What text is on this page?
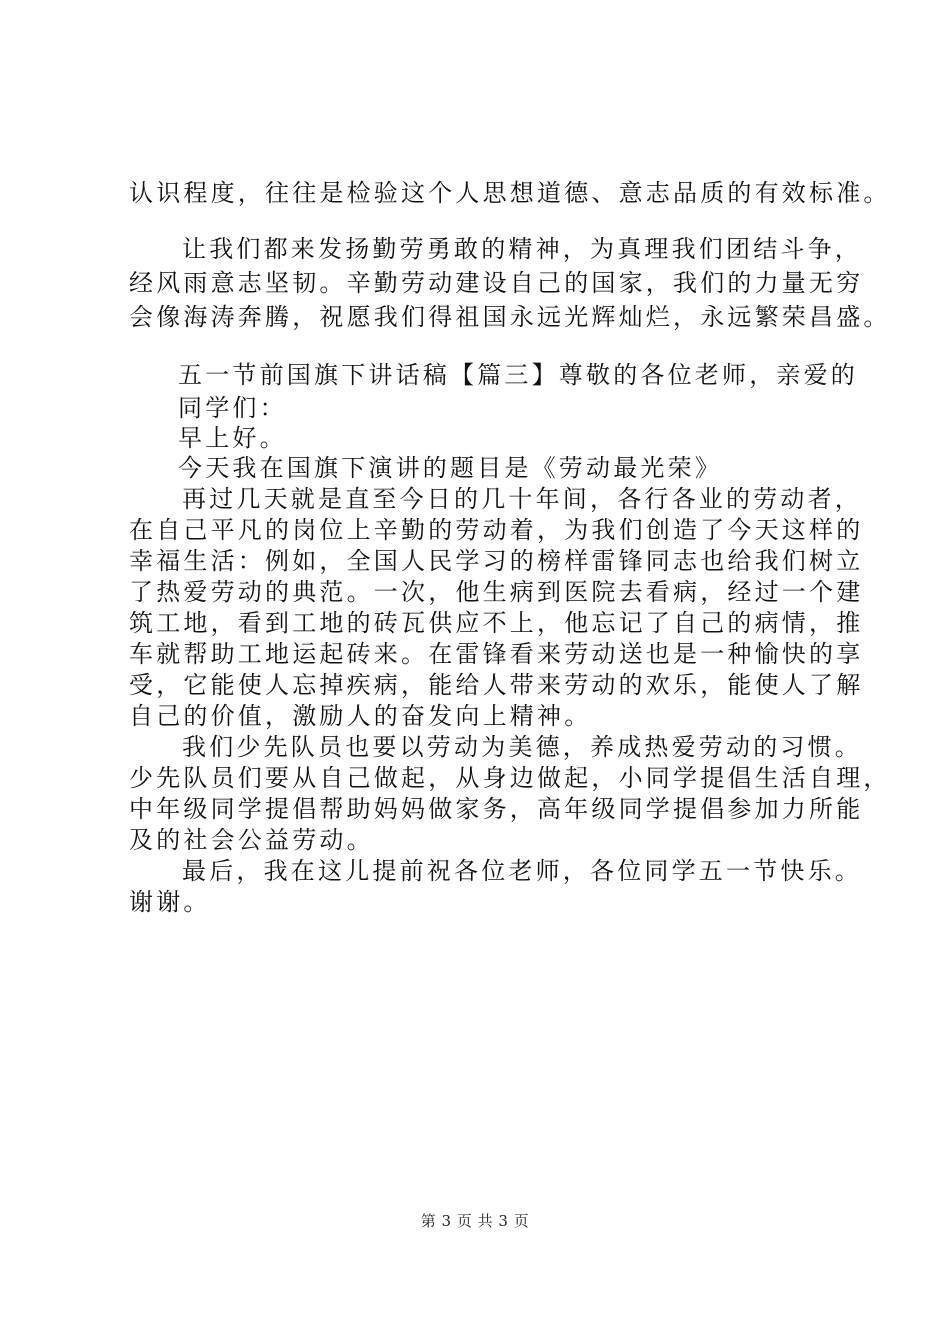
认识程度，往往是检验这个人思想道德、意志品质的有效标准。
让我们都来发扬勤劳勇敢的精神，为真理我们团结斗争，
经风雨意志坚韧。辛勤劳动建设自己的国家，我们的力量无穷
会像海涛奔腾，祝愿我们得祖国永远光辉灿烂，永远繁荣昌盛。
五一节前国旗下讲话稿【篇三】尊敬的各位老师，亲爱的
同学们：
早上好。
今天我在国旗下演讲的题目是《劳动最光荣》
再过几天就是直至今日的几十年间，各行各业的劳动者，
在自己平凡的岗位上辛勤的劳动着，为我们创造了今天这样的
幸福生活：例如，全国人民学习的榜样雷锋同志也给我们树立
了热爱劳动的典范。一次，他生病到医院去看病，经过一个建
筑工地，看到工地的砖瓦供应不上，他忘记了自己的病情，推
车就帮助工地运起砖来。在雷锋看来劳动送也是一种愉快的享
受，它能使人忘掉疾病，能给人带来劳动的欢乐，能使人了解
自己的价值，激励人的奋发向上精神。
我们少先队员也要以劳动为美德，养成热爱劳动的习惯。
少先队员们要从自己做起，从身边做起，小同学提倡生活自理，
中年级同学提倡帮助妈妈做家务，高年级同学提倡参加力所能
及的社会公益劳动。
最后，我在这儿提前祝各位老师，各位同学五一节快乐。
谢谢。
第 3 页 共 3 页
